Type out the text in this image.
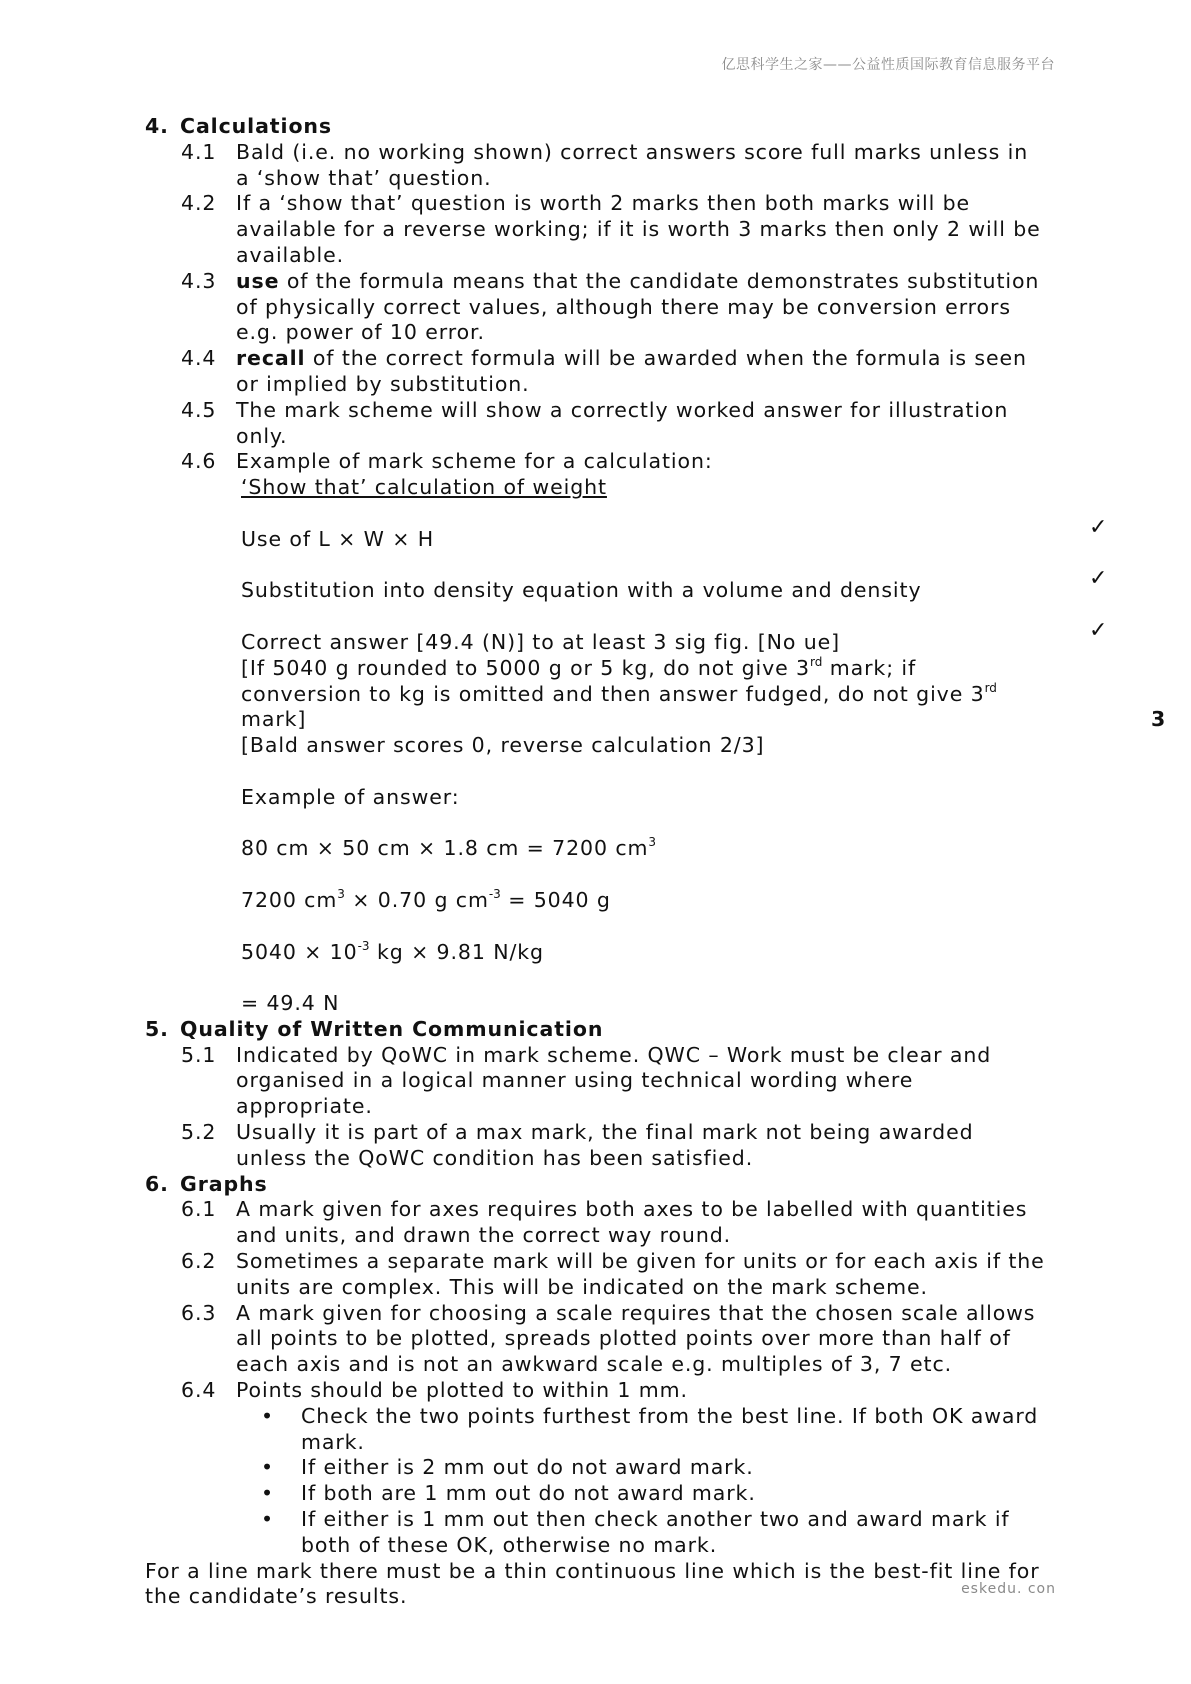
亿思科学生之家——公益性质国际教育信息服务平台
4. Calculations
4.1 Bald (i.e. no working shown) correct answers score full marks unless in a ‘show that’ question.
4.2 If a ‘show that’ question is worth 2 marks then both marks will be available for a reverse working; if it is worth 3 marks then only 2 will be available.
4.3 use of the formula means that the candidate demonstrates substitution of physically correct values, although there may be conversion errors e.g. power of 10 error.
4.4 recall of the correct formula will be awarded when the formula is seen or implied by substitution.
4.5 The mark scheme will show a correctly worked answer for illustration only.
4.6 Example of mark scheme for a calculation:

‘Show that’ calculation of weight

Use of L × W × H	✓
Substitution into density equation with a volume and density	✓
Correct answer [49.4 (N)] to at least 3 sig fig. [No ue]	✓

[If 5040 g rounded to 5000 g or 5 kg, do not give 3rd mark; if

conversion to kg is omitted and then answer fudged, do not give 3rd

mark]	3

[Bald answer scores 0, reverse calculation 2/3]

Example of answer:

80 cm × 50 cm × 1.8 cm = 7200 $cm^3$

7200 $cm^3 \times 0.70$ g $cm^{-3} = 5040$ g

$5040 \times 10^{-3}$ kg × 9.81 N/kg

= 49.4 N

5. Quality of Written Communication
5.1 Indicated by QoWC in mark scheme. QWC – Work must be clear and organised in a logical manner using technical wording where appropriate.
5.2 Usually it is part of a max mark, the final mark not being awarded unless the QoWC condition has been satisfied.
6. Graphs
6.1 A mark given for axes requires both axes to be labelled with quantities and units, and drawn the correct way round.
6.2 Sometimes a separate mark will be given for units or for each axis if the units are complex. This will be indicated on the mark scheme.
6.3 A mark given for choosing a scale requires that the chosen scale allows all points to be plotted, spreads plotted points over more than half of each axis and is not an awkward scale e.g. multiples of 3, 7 etc.
6.4 Points should be plotted to within 1 mm.
•	Check the two points furthest from the best line. If both OK award mark.
•	If either is 2 mm out do not award mark.
•	If both are 1 mm out do not award mark.
•	If either is 1 mm out then check another two and award mark if both of these OK, otherwise no mark.

For a line mark there must be a thin continuous line which is the best-fit line for the candidate’s results.	eskedu. con
